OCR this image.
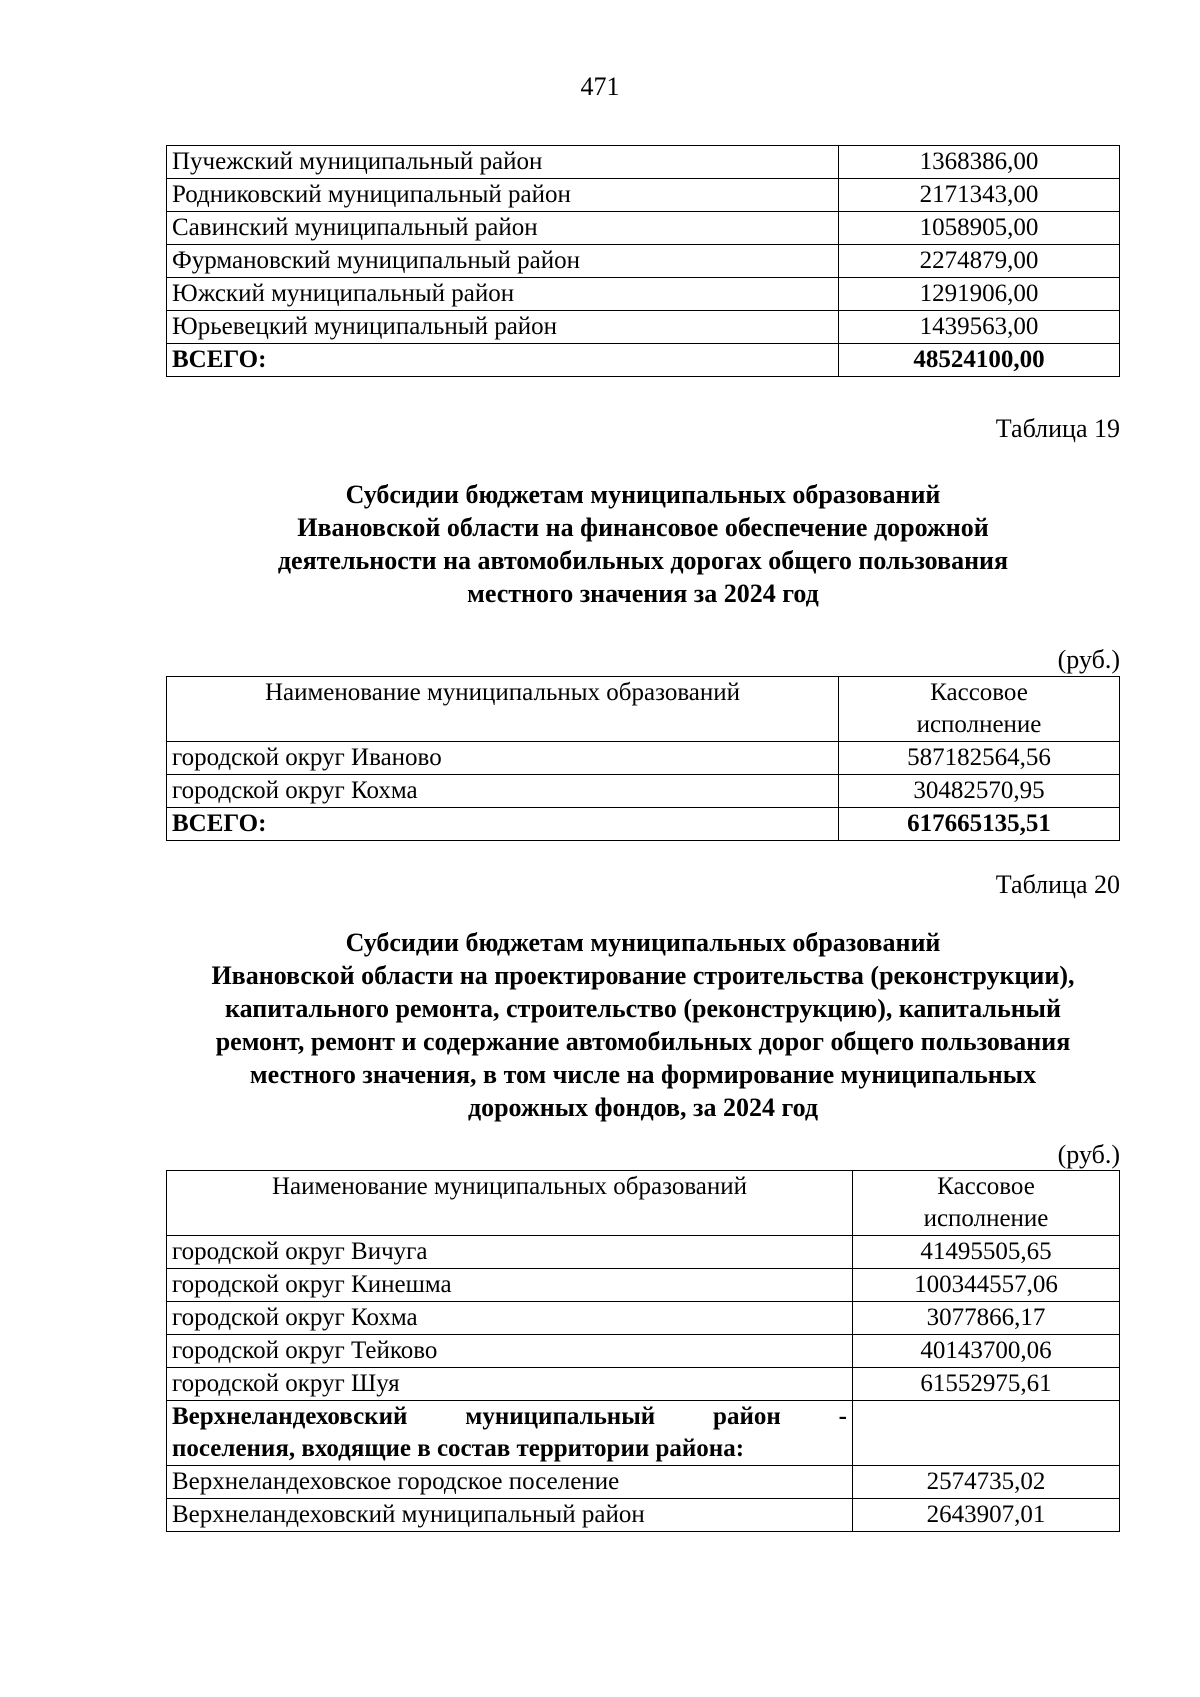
471
Пучежский муниципальный район	1368386,00
Родниковский муниципальный район	2171343,00
Савинский муниципальный район	1058905,00
Фурмановский муниципальный район	2274879,00
Южский муниципальный район	1291906,00
Юрьевецкий муниципальный район	1439563,00
ВСЕГО:	48524100,00
Таблица 19
Субсидии бюджетам муниципальных образований
Ивановской области на финансовое обеспечение дорожной
деятельности на автомобильных дорогах общего пользования
местного значения за 2024 год
(руб.)
Наименование муниципальных образований	Кассовое
исполнение

городской округ Иваново	587182564,56
городской округ Кохма	30482570,95
ВСЕГО:	617665135,51
Таблица 20
Субсидии бюджетам муниципальных образований
Ивановской области на проектирование строительства (реконструкции),
капитального ремонта, строительство (реконструкцию), капитальный
ремонт, ремонт и содержание автомобильных дорог общего пользования
местного значения, в том числе на формирование муниципальных
дорожных фондов, за 2024 год
(руб.)
Наименование муниципальных образований	Кассовое
исполнение

городской округ Вичуга	41495505,65
городской округ Кинешма	100344557,06
городской округ Кохма	3077866,17
городской округ Тейково	40143700,06
городской округ Шуя	61552975,61

Верхнеландеховский муниципальный район -
поселения, входящие в состав территории района:	

Верхнеландеховское городское поселение	2574735,02
Верхнеландеховский муниципальный район	2643907,01
